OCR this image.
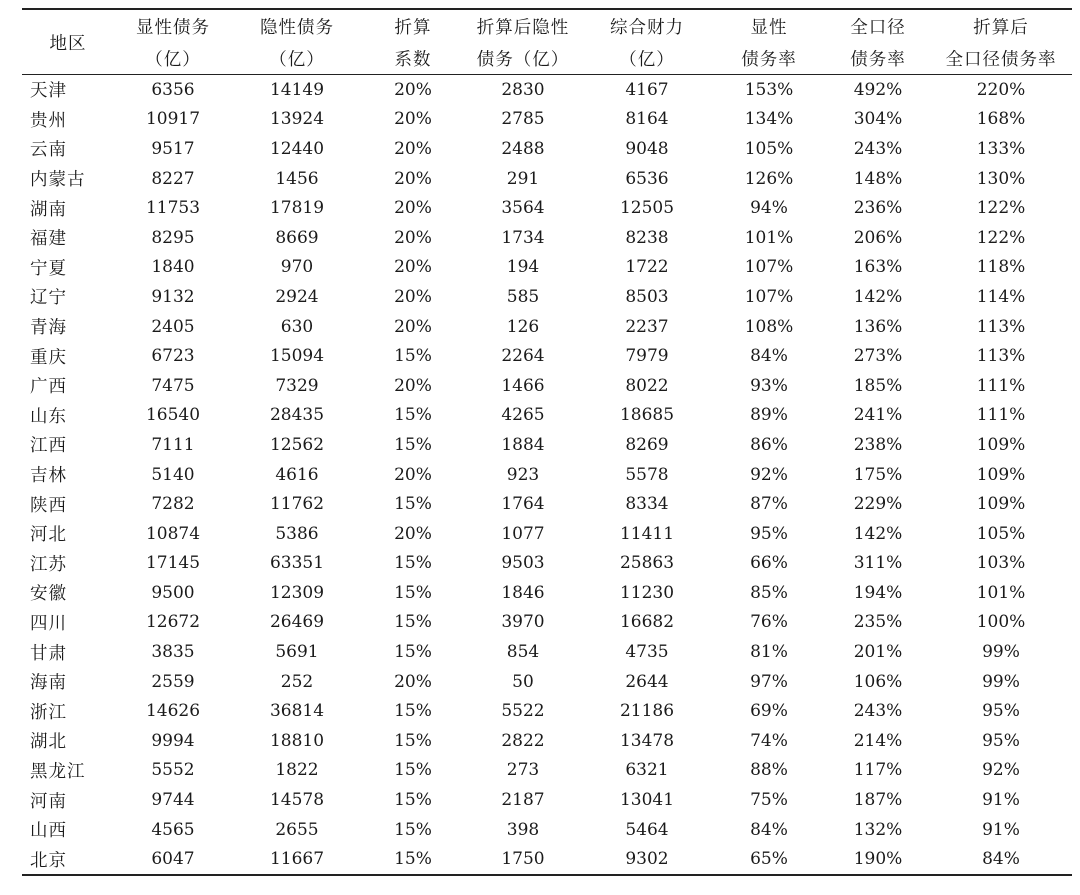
地区	显性债务	隐性债务	折算	折算后隐性	综合财力	显性	全口径	折算后
	（亿）	（亿）	系数	债务（亿）	（亿）	债务率	债务率	全口径债务率
天津	6356	14149	20%	2830	4167	153%	492%	220%
贵州	10917	13924	20%	2785	8164	134%	304%	168%
云南	9517	12440	20%	2488	9048	105%	243%	133%
内蒙古	8227	1456	20%	291	6536	126%	148%	130%
湖南	11753	17819	20%	3564	12505	94%	236%	122%
福建	8295	8669	20%	1734	8238	101%	206%	122%
宁夏	1840	970	20%	194	1722	107%	163%	118%
辽宁	9132	2924	20%	585	8503	107%	142%	114%
青海	2405	630	20%	126	2237	108%	136%	113%
重庆	6723	15094	15%	2264	7979	84%	273%	113%
广西	7475	7329	20%	1466	8022	93%	185%	111%
山东	16540	28435	15%	4265	18685	89%	241%	111%
江西	7111	12562	15%	1884	8269	86%	238%	109%
吉林	5140	4616	20%	923	5578	92%	175%	109%
陕西	7282	11762	15%	1764	8334	87%	229%	109%
河北	10874	5386	20%	1077	11411	95%	142%	105%
江苏	17145	63351	15%	9503	25863	66%	311%	103%
安徽	9500	12309	15%	1846	11230	85%	194%	101%
四川	12672	26469	15%	3970	16682	76%	235%	100%
甘肃	3835	5691	15%	854	4735	81%	201%	99%
海南	2559	252	20%	50	2644	97%	106%	99%
浙江	14626	36814	15%	5522	21186	69%	243%	95%
湖北	9994	18810	15%	2822	13478	74%	214%	95%
黑龙江	5552	1822	15%	273	6321	88%	117%	92%
河南	9744	14578	15%	2187	13041	75%	187%	91%
山西	4565	2655	15%	398	5464	84%	132%	91%
北京	6047	11667	15%	1750	9302	65%	190%	84%
